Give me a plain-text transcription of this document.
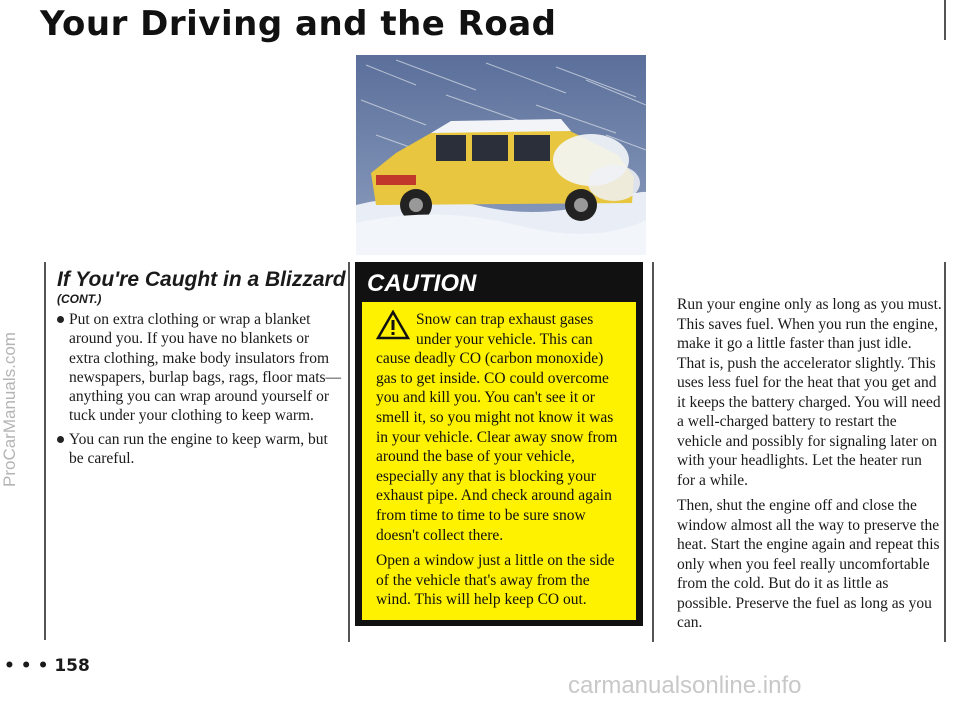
Your Driving and the Road
ProCarManuals.com
If You're Caught in a Blizzard
(CONT.)
Put on extra clothing or wrap a blanket around you. If you have no blankets or extra clothing, make body insulators from newspapers, burlap bags, rags, floor mats—anything you can wrap around yourself or tuck under your clothing to keep warm.
You can run the engine to keep warm, but be careful.
CAUTION

Snow can trap exhaust gases under your vehicle. This can cause deadly CO (carbon monoxide) gas to get inside. CO could overcome you and kill you. You can't see it or smell it, so you might not know it was in your vehicle. Clear away snow from around the base of your vehicle, especially any that is blocking your exhaust pipe. And check around again from time to time to be sure snow doesn't collect there.

Open a window just a little on the side of the vehicle that's away from the wind. This will help keep CO out.

Run your engine only as long as you must. This saves fuel. When you run the engine, make it go a little faster than just idle. That is, push the accelerator slightly. This uses less fuel for the heat that you get and it keeps the battery charged. You will need a well-charged battery to restart the vehicle and possibly for signaling later on with your headlights. Let the heater run for a while.

Then, shut the engine off and close the window almost all the way to preserve the heat. Start the engine again and repeat this only when you feel really uncomfortable from the cold. But do it as little as possible. Preserve the fuel as long as you can.

• • • 158
carmanualsonline.info
